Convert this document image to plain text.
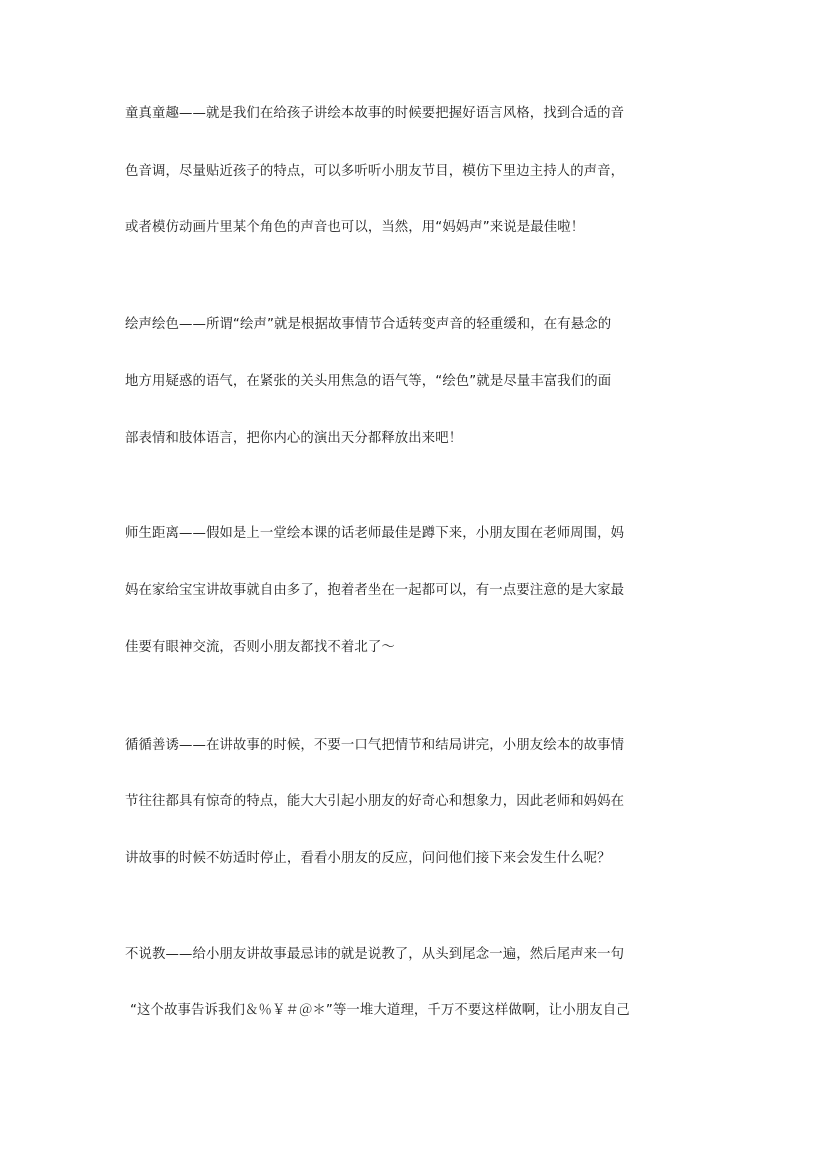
童真童趣——就是我们在给孩子讲绘本故事的时候要把握好语言风格，找到合适的音
色音调，尽量贴近孩子的特点，可以多听听小朋友节目，模仿下里边主持人的声音，
或者模仿动画片里某个角色的声音也可以，当然，用“妈妈声”来说是最佳啦！
绘声绘色——所谓“绘声”就是根据故事情节合适转变声音的轻重缓和，在有悬念的
地方用疑惑的语气，在紧张的关头用焦急的语气等，“绘色”就是尽量丰富我们的面
部表情和肢体语言，把你内心的演出天分都释放出来吧！
师生距离——假如是上一堂绘本课的话老师最佳是蹲下来，小朋友围在老师周围，妈
妈在家给宝宝讲故事就自由多了，抱着者坐在一起都可以，有一点要注意的是大家最
佳要有眼神交流，否则小朋友都找不着北了～
循循善诱——在讲故事的时候，不要一口气把情节和结局讲完，小朋友绘本的故事情
节往往都具有惊奇的特点，能大大引起小朋友的好奇心和想象力，因此老师和妈妈在
讲故事的时候不妨适时停止，看看小朋友的反应，问问他们接下来会发生什么呢？
不说教——给小朋友讲故事最忌讳的就是说教了，从头到尾念一遍，然后尾声来一句
“这个故事告诉我们＆％￥＃＠＊”等一堆大道理，千万不要这样做啊，让小朋友自己
